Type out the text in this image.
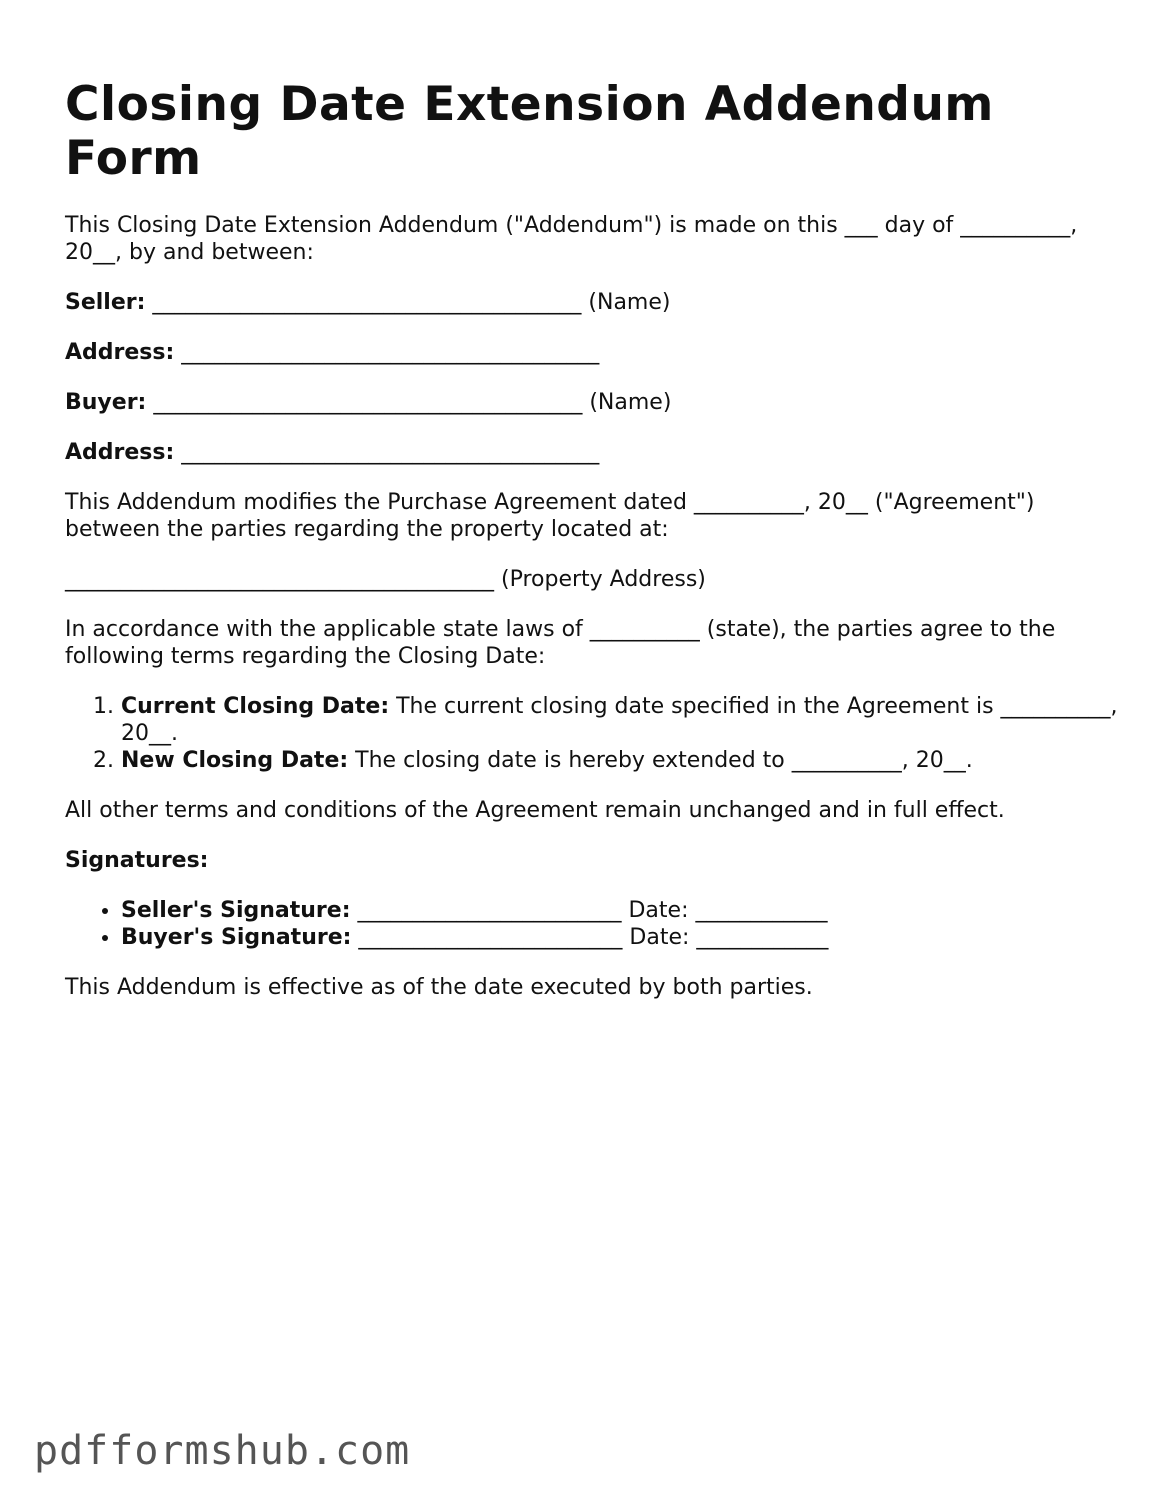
Closing Date Extension Addendum Form

This Closing Date Extension Addendum ("Addendum") is made on this ___ day of __________, 20__, by and between:

Seller: _______________________________________ (Name)
Address: ______________________________________
Buyer: _______________________________________ (Name)
Address: ______________________________________

This Addendum modifies the Purchase Agreement dated __________, 20__ ("Agreement") between the parties regarding the property located at:

_______________________________________ (Property Address)

In accordance with the applicable state laws of __________ (state), the parties agree to the following terms regarding the Closing Date:

1. Current Closing Date: The current closing date specified in the Agreement is __________, 20__.
2. New Closing Date: The closing date is hereby extended to __________, 20__.

All other terms and conditions of the Agreement remain unchanged and in full effect.

Signatures:

• Seller's Signature: ________________________ Date: ____________
• Buyer's Signature: ________________________ Date: ____________

This Addendum is effective as of the date executed by both parties.

pdfformshub.com
